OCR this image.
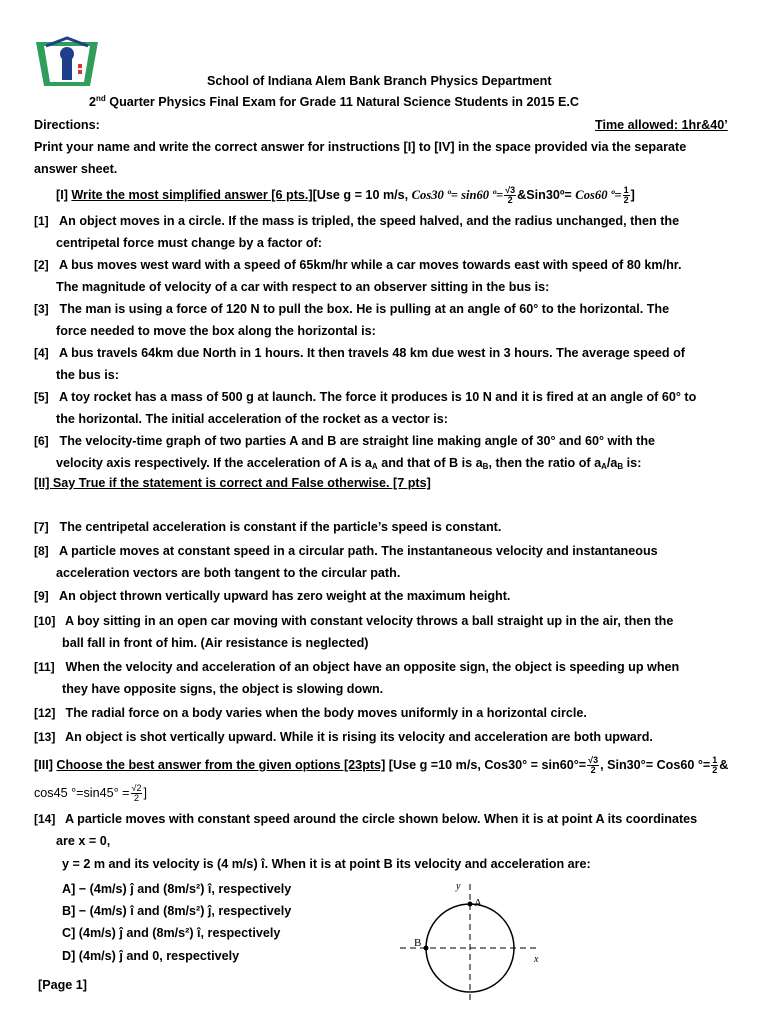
School of Indiana Alem Bank Branch Physics Department
2nd Quarter Physics Final Exam for Grade 11 Natural Science Students in 2015 E.C
Directions:	Time allowed: 1hr&40’
Print your name and write the correct answer for instructions [I] to [IV] in the space provided via the separate
answer sheet.
[I] Write the most simplified answer [6 pts.][Use g = 10 m/s, Cos30 º= sin60 º= $\frac{√3}{2}$ &Sin30º= Cos60 º= $\frac{1}{2}$ ]
[1] An object moves in a circle. If the mass is tripled, the speed halved, and the radius unchanged, then the
centripetal force must change by a factor of:
[2] A bus moves west ward with a speed of 65km/hr while a car moves towards east with speed of 80 km/hr.
The magnitude of velocity of a car with respect to an observer sitting in the bus is:
[3] The man is using a force of 120 N to pull the box. He is pulling at an angle of 60° to the horizontal. The
force needed to move the box along the horizontal is:
[4] A bus travels 64km due North in 1 hours. It then travels 48 km due west in 3 hours. The average speed of
the bus is:
[5] A toy rocket has a mass of 500 g at launch. The force it produces is 10 N and it is fired at an angle of 60° to
the horizontal. The initial acceleration of the rocket as a vector is:
[6] The velocity-time graph of two parties A and B are straight line making angle of 30° and 60° with the
velocity axis respectively. If the acceleration of A is $a_A$ and that of B is $a_B$, then the ratio of $a_A/a_B$ is:
[II] Say True if the statement is correct and False otherwise. [7 pts]
[7] The centripetal acceleration is constant if the particle’s speed is constant.
[8] A particle moves at constant speed in a circular path. The instantaneous velocity and instantaneous
acceleration vectors are both tangent to the circular path.
[9] An object thrown vertically upward has zero weight at the maximum height.
[10] A boy sitting in an open car moving with constant velocity throws a ball straight up in the air, then the
ball fall in front of him. (Air resistance is neglected)
[11] When the velocity and acceleration of an object have an opposite sign, the object is speeding up when
they have opposite signs, the object is slowing down.
[12] The radial force on a body varies when the body moves uniformly in a horizontal circle.
[13] An object is shot vertically upward. While it is rising its velocity and acceleration are both upward.
[III] Choose the best answer from the given options [23pts] [Use g =10 m/s, $Cos30^\circ = \sin 60^\circ= \frac{√3}{2}$ , Sin30°= Cos60 °= $\frac{1}{2}$ &
cos45 $^\circ=\sin 45^\circ = \frac{√2}{2}$ ]
[14] A particle moves with constant speed around the circle shown below. When it is at point A its coordinates
are x = 0,
y = 2 m and its velocity is (4 m/s) î. When it is at point B its velocity and acceleration are:
A] − (4m/s) ĵ and (8m/s²) î, respectively
B] − (4m/s) î and (8m/s²) ĵ, respectively
C] (4m/s) ĵ and (8m/s²) î, respectively
D] (4m/s) ĵ and 0, respectively
y
x
A
B
[Page 1]
